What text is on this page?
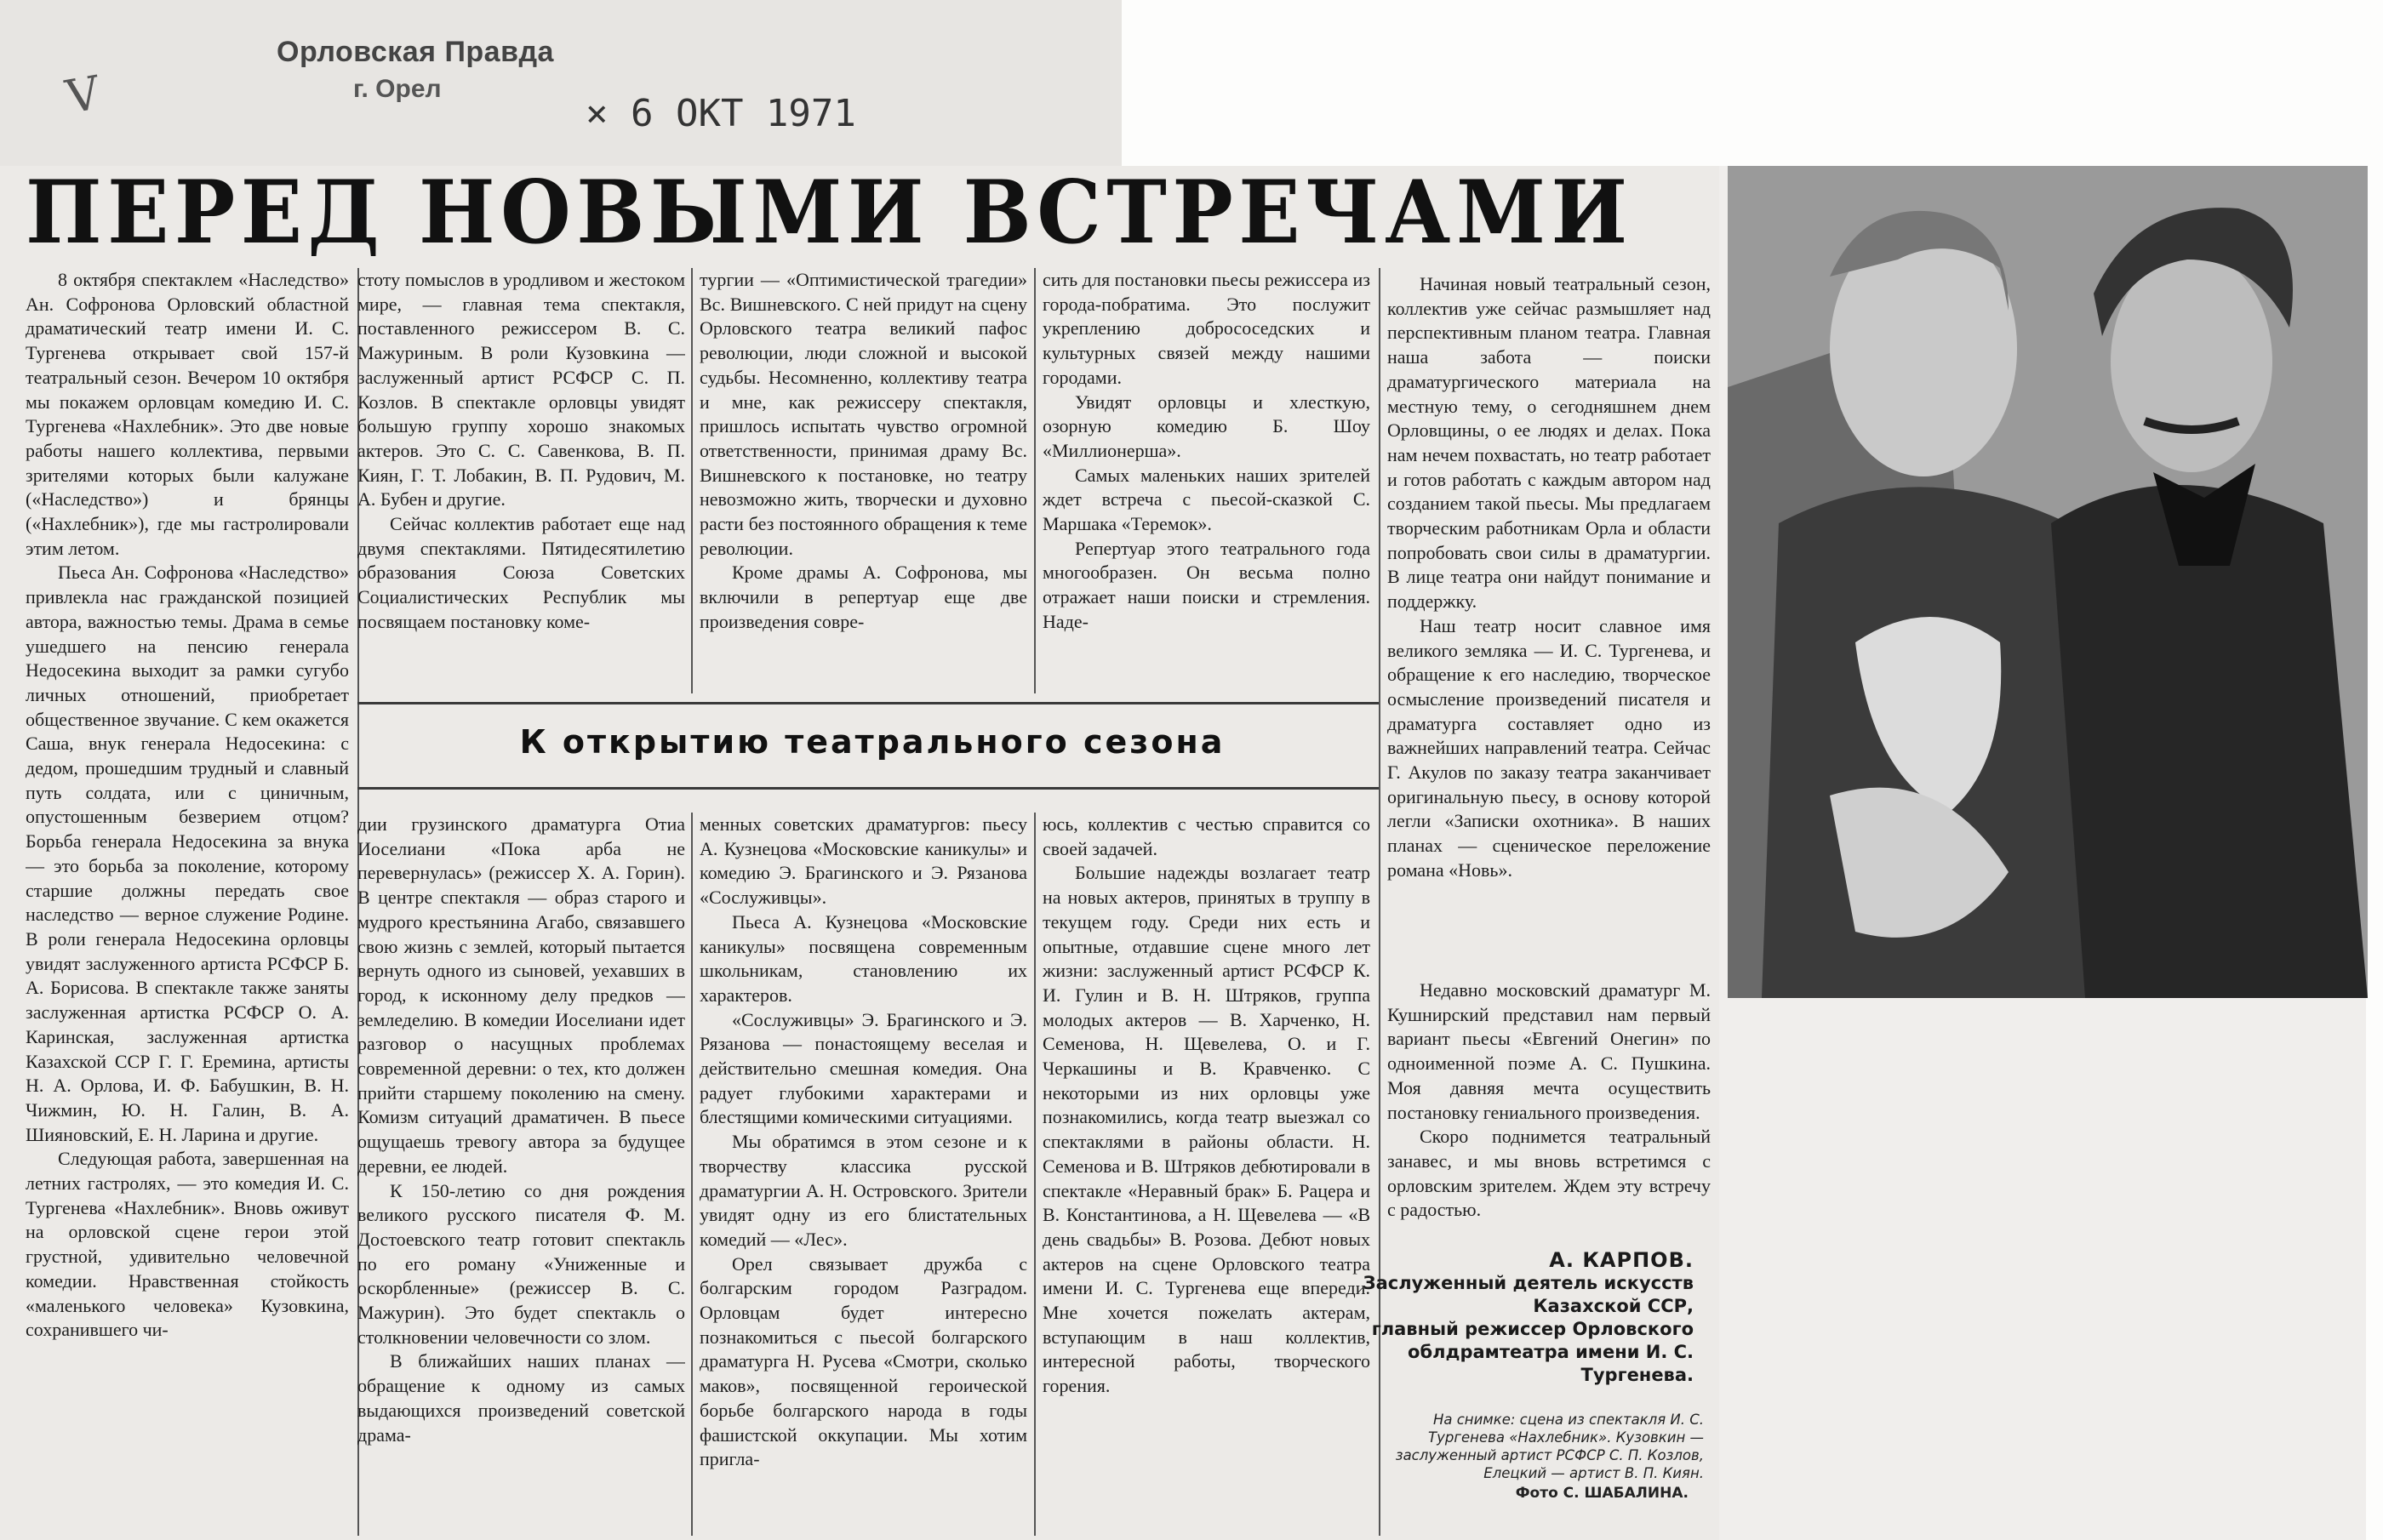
V
Орловская Правда
г. Орел
× 6 ОКТ 1971
ПЕРЕД НОВЫМИ ВСТРЕЧАМИ

8 октября спектаклем «Наследство» Ан. Софронова Орловский областной драматический театр имени И. С. Тургенева открывает свой 157-й театральный сезон. Вечером 10 октября мы покажем орловцам комедию И. С. Тургенева «Нахлебник». Это две новые работы нашего коллектива, первыми зрителями которых были калужане («Наследство») и брянцы («Нахлебник»), где мы гастролировали этим летом.

Пьеса Ан. Софронова «Наследство» привлекла нас гражданской позицией автора, важностью темы. Драма в семье ушедшего на пенсию генерала Недосекина выходит за рамки сугубо личных отношений, приобретает общественное звучание. С кем окажется Саша, внук генерала Недосекина: с дедом, прошедшим трудный и славный путь солдата, или с циничным, опустошенным безверием отцом? Борьба генерала Недосекина за внука — это борьба за поколение, которому старшие должны передать свое наследство — верное служение Родине. В роли генерала Недосекина орловцы увидят заслуженного артиста РСФСР Б. А. Борисова. В спектакле также заняты заслуженная артистка РСФСР О. А. Каринская, заслуженная артистка Казахской ССР Г. Г. Еремина, артисты Н. А. Орлова, И. Ф. Бабушкин, В. Н. Чижмин, Ю. Н. Галин, В. А. Шияновский, Е. Н. Ларина и другие.

Следующая работа, завершенная на летних гастролях, — это комедия И. С. Тургенева «Нахлебник». Вновь оживут на орловской сцене герои этой грустной, удивительно человечной комедии. Нравственная стойкость «маленького человека» Кузовкина, сохранившего чи-

стоту помыслов в уродливом и жестоком мире, — главная тема спектакля, поставленного режиссером В. С. Мажуриным. В роли Кузовкина — заслуженный артист РСФСР С. П. Козлов. В спектакле орловцы увидят большую группу хорошо знакомых актеров. Это С. С. Савенкова, В. П. Киян, Г. Т. Лобакин, В. П. Рудович, М. А. Бубен и другие.

Сейчас коллектив работает еще над двумя спектаклями. Пятидесятилетию образования Союза Советских Социалистических Республик мы посвящаем постановку коме-

тургии — «Оптимистической трагедии» Вс. Вишневского. С ней придут на сцену Орловского театра великий пафос революции, люди сложной и высокой судьбы. Несомненно, коллективу театра и мне, как режиссеру спектакля, пришлось испытать чувство огромной ответственности, принимая драму Вс. Вишневского к постановке, но театру невозможно жить, творчески и духовно расти без постоянного обращения к теме революции.

Кроме драмы А. Софронова, мы включили в репертуар еще две произведения совре-

сить для постановки пьесы режиссера из города-побратима. Это послужит укреплению добрососедских и культурных связей между нашими городами.

Увидят орловцы и хлесткую, озорную комедию Б. Шоу «Миллионерша».

Самых маленьких наших зрителей ждет встреча с пьесой-сказкой С. Маршака «Теремок».

Репертуар этого театрального года многообразен. Он весьма полно отражает наши поиски и стремления. Наде-

К открытию театрального сезона

дии грузинского драматурга Отиа Иоселиани «Пока арба не перевернулась» (режиссер Х. А. Горин). В центре спектакля — образ старого и мудрого крестьянина Агабо, связавшего свою жизнь с землей, который пытается вернуть одного из сыновей, уехавших в город, к исконному делу предков — земледелию. В комедии Иоселиани идет разговор о насущных проблемах современной деревни: о тех, кто должен прийти старшему поколению на смену. Комизм ситуаций драматичен. В пьесе ощущаешь тревогу автора за будущее деревни, ее людей.

К 150-летию со дня рождения великого русского писателя Ф. М. Достоевского театр готовит спектакль по его роману «Униженные и оскорбленные» (режиссер В. С. Мажурин). Это будет спектакль о столкновении человечности со злом.

В ближайших наших планах — обращение к одному из самых выдающихся произведений советской драма-

менных советских драматургов: пьесу А. Кузнецова «Московские каникулы» и комедию Э. Брагинского и Э. Рязанова «Сослуживцы».

Пьеса А. Кузнецова «Московские каникулы» посвящена современным школьникам, становлению их характеров.

«Сослуживцы» Э. Брагинского и Э. Рязанова — понастоящему веселая и действительно смешная комедия. Она радует глубокими характерами и блестящими комическими ситуациями.

Мы обратимся в этом сезоне и к творчеству классика русской драматургии А. Н. Островского. Зрители увидят одну из его блистательных комедий — «Лес».

Орел связывает дружба с болгарским городом Разградом. Орловцам будет интересно познакомиться с пьесой болгарского драматурга Н. Русева «Смотри, сколько маков», посвященной героической борьбе болгарского народа в годы фашистской оккупации. Мы хотим пригла-

юсь, коллектив с честью справится со своей задачей.

Большие надежды возлагает театр на новых актеров, принятых в труппу в текущем году. Среди них есть и опытные, отдавшие сцене много лет жизни: заслуженный артист РСФСР К. И. Гулин и В. Н. Штряков, группа молодых актеров — В. Харченко, Н. Семенова, Н. Щевелева, О. и Г. Черкашины и В. Кравченко. С некоторыми из них орловцы уже познакомились, когда театр выезжал со спектаклями в районы области. Н. Семенова и В. Штряков дебютировали в спектакле «Неравный брак» Б. Рацера и В. Константинова, а Н. Щевелева — «В день свадьбы» В. Розова. Дебют новых актеров на сцене Орловского театра имени И. С. Тургенева еще впереди. Мне хочется пожелать актерам, вступающим в наш коллектив, интересной работы, творческого горения.

Начиная новый театральный сезон, коллектив уже сейчас размышляет над перспективным планом театра. Главная наша забота — поиски драматургического материала на местную тему, о сегодняшнем днем Орловщины, о ее людях и делах. Пока нам нечем похвастать, но театр работает и готов работать с каждым автором над созданием такой пьесы. Мы предлагаем творческим работникам Орла и области попробовать свои силы в драматургии. В лице театра они найдут понимание и поддержку.

Наш театр носит славное имя великого земляка — И. С. Тургенева, и обращение к его наследию, творческое осмысление произведений писателя и драматурга составляет одно из важнейших направлений театра. Сейчас Г. Акулов по заказу театра заканчивает оригинальную пьесу, в основу которой легли «Записки охотника». В наших планах — сценическое переложение романа «Новь».

Недавно московский драматург М. Кушнирский представил нам первый вариант пьесы «Евгений Онегин» по одноименной поэме А. С. Пушкина. Моя давняя мечта осуществить постановку гениального произведения.

Скоро поднимется театральный занавес, и мы вновь встретимся с орловским зрителем. Ждем эту встречу с радостью.

А. КАРПОВ.
Заслуженный деятель искусств Казахской ССР,
главный режиссер Орловского облдрамтеатра имени И. С. Тургенева.
На снимке: сцена из спектакля И. С. Тургенева «Нахлебник». Кузовкин — заслуженный артист РСФСР С. П. Козлов, Елецкий — артист В. П. Киян.
Фото С. ШАБАЛИНА.
